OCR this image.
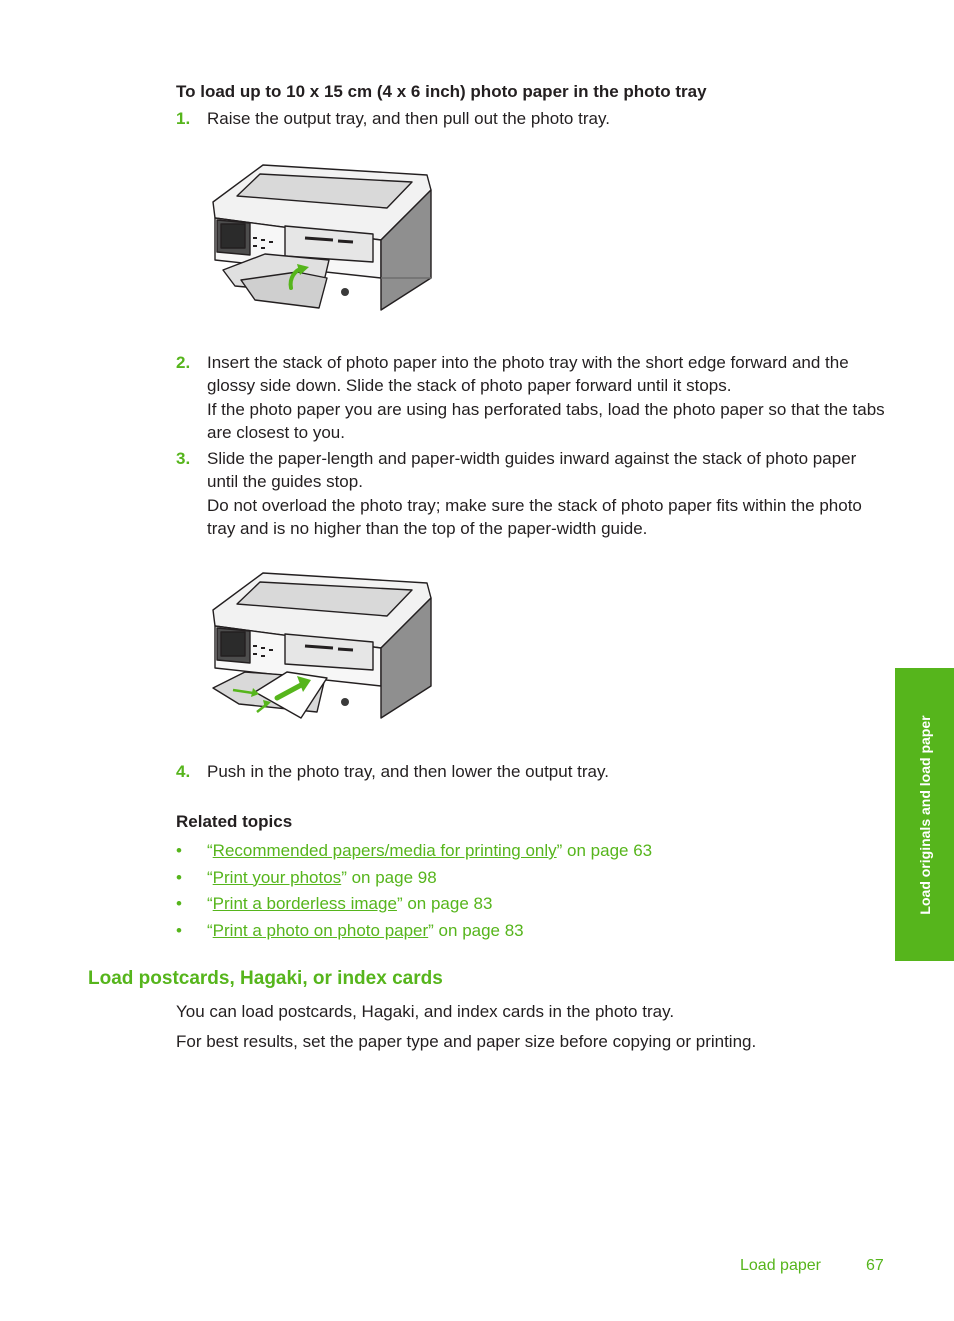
To load up to 10 x 15 cm (4 x 6 inch) photo paper in the photo tray
1. Raise the output tray, and then pull out the photo tray.
2. Insert the stack of photo paper into the photo tray with the short edge forward and the glossy side down. Slide the stack of photo paper forward until it stops.
If the photo paper you are using has perforated tabs, load the photo paper so that the tabs are closest to you.
3. Slide the paper-length and paper-width guides inward against the stack of photo paper until the guides stop.
Do not overload the photo tray; make sure the stack of photo paper fits within the photo tray and is no higher than the top of the paper-width guide.
4. Push in the photo tray, and then lower the output tray.
Related topics
• “Recommended papers/media for printing only” on page 63
• “Print your photos” on page 98
• “Print a borderless image” on page 83
• “Print a photo on photo paper” on page 83
Load postcards, Hagaki, or index cards
You can load postcards, Hagaki, and index cards in the photo tray.
For best results, set the paper type and paper size before copying or printing.
Load originals and load paper
Load paper	67
